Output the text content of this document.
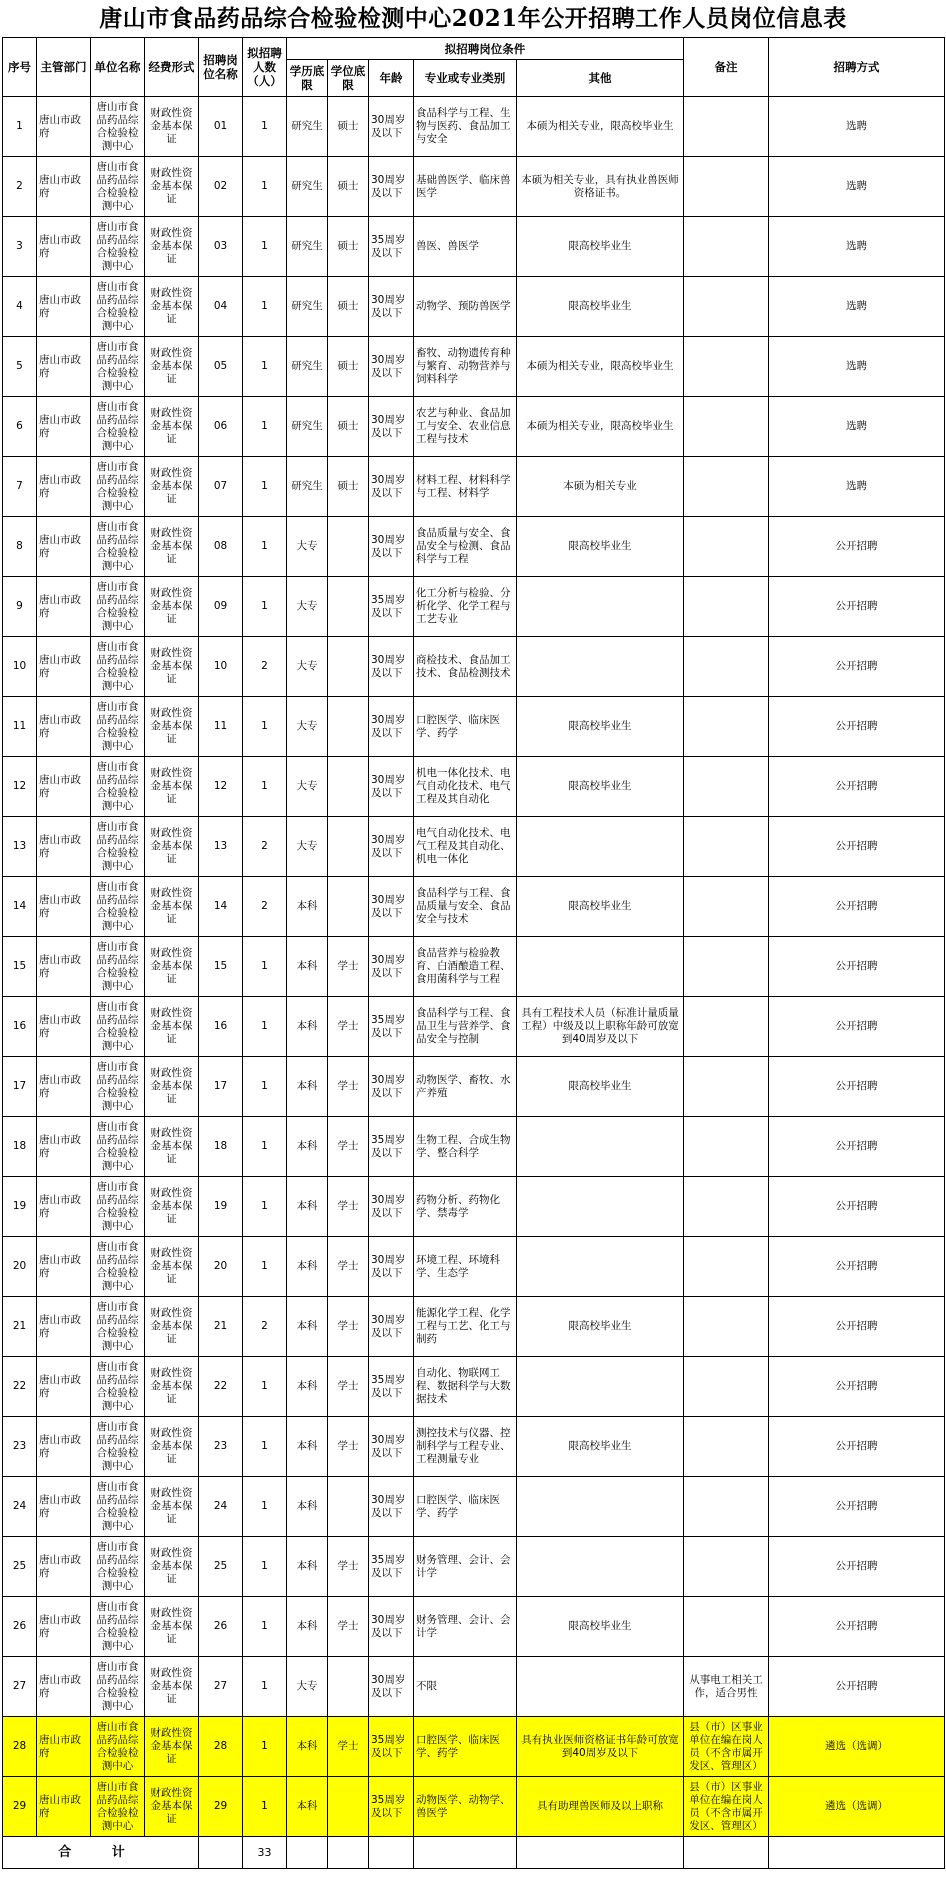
唐山市食品药品综合检验检测中心2021年公开招聘工作人员岗位信息表
序号	主管部门	单位名称	经费形式	招聘岗位名称	拟招聘人数（人）	拟招聘岗位条件					备注	招聘方式
						学历底限	学位底限	年龄	专业或专业类别	其他		
1	唐山市政府	唐山市食品药品综合检验检测中心	财政性资金基本保证	01	1	研究生	硕士	30周岁及以下	食品科学与工程、生物与医药、食品加工与安全	本硕为相关专业，限高校毕业生		选聘
2	唐山市政府	唐山市食品药品综合检验检测中心	财政性资金基本保证	02	1	研究生	硕士	30周岁及以下	基础兽医学、临床兽医学	本硕为相关专业，具有执业兽医师资格证书。		选聘
3	唐山市政府	唐山市食品药品综合检验检测中心	财政性资金基本保证	03	1	研究生	硕士	35周岁及以下	兽医、兽医学	限高校毕业生		选聘
4	唐山市政府	唐山市食品药品综合检验检测中心	财政性资金基本保证	04	1	研究生	硕士	30周岁及以下	动物学、预防兽医学	限高校毕业生		选聘
5	唐山市政府	唐山市食品药品综合检验检测中心	财政性资金基本保证	05	1	研究生	硕士	30周岁及以下	畜牧、动物遗传育种与繁育、动物营养与饲料科学	本硕为相关专业，限高校毕业生		选聘
6	唐山市政府	唐山市食品药品综合检验检测中心	财政性资金基本保证	06	1	研究生	硕士	30周岁及以下	农艺与种业、食品加工与安全、农业信息工程与技术	本硕为相关专业，限高校毕业生		选聘
7	唐山市政府	唐山市食品药品综合检验检测中心	财政性资金基本保证	07	1	研究生	硕士	30周岁及以下	材料工程、材料科学与工程、材料学	本硕为相关专业		选聘
8	唐山市政府	唐山市食品药品综合检验检测中心	财政性资金基本保证	08	1	大专		30周岁及以下	食品质量与安全、食品安全与检测、食品科学与工程	限高校毕业生		公开招聘
9	唐山市政府	唐山市食品药品综合检验检测中心	财政性资金基本保证	09	1	大专		35周岁及以下	化工分析与检验、分析化学、化学工程与工艺专业			公开招聘
10	唐山市政府	唐山市食品药品综合检验检测中心	财政性资金基本保证	10	2	大专		30周岁及以下	商检技术、食品加工技术、食品检测技术			公开招聘
11	唐山市政府	唐山市食品药品综合检验检测中心	财政性资金基本保证	11	1	大专		30周岁及以下	口腔医学、临床医学、药学	限高校毕业生		公开招聘
12	唐山市政府	唐山市食品药品综合检验检测中心	财政性资金基本保证	12	1	大专		30周岁及以下	机电一体化技术、电气自动化技术、电气工程及其自动化	限高校毕业生		公开招聘
13	唐山市政府	唐山市食品药品综合检验检测中心	财政性资金基本保证	13	2	大专		30周岁及以下	电气自动化技术、电气工程及其自动化、机电一体化			公开招聘
14	唐山市政府	唐山市食品药品综合检验检测中心	财政性资金基本保证	14	2	本科		30周岁及以下	食品科学与工程、食品质量与安全、食品安全与技术	限高校毕业生		公开招聘
15	唐山市政府	唐山市食品药品综合检验检测中心	财政性资金基本保证	15	1	本科	学士	30周岁及以下	食品营养与检验教育、白酒酿造工程、食用菌科学与工程			公开招聘
16	唐山市政府	唐山市食品药品综合检验检测中心	财政性资金基本保证	16	1	本科	学士	35周岁及以下	食品科学与工程、食品卫生与营养学、食品安全与控制	具有工程技术人员（标准计量质量工程）中级及以上职称年龄可放宽到40周岁及以下		公开招聘
17	唐山市政府	唐山市食品药品综合检验检测中心	财政性资金基本保证	17	1	本科	学士	30周岁及以下	动物医学、畜牧、水产养殖	限高校毕业生		公开招聘
18	唐山市政府	唐山市食品药品综合检验检测中心	财政性资金基本保证	18	1	本科	学士	35周岁及以下	生物工程、合成生物学、整合科学			公开招聘
19	唐山市政府	唐山市食品药品综合检验检测中心	财政性资金基本保证	19	1	本科	学士	30周岁及以下	药物分析、药物化学、禁毒学			公开招聘
20	唐山市政府	唐山市食品药品综合检验检测中心	财政性资金基本保证	20	1	本科	学士	30周岁及以下	环境工程、环境科学、生态学			公开招聘
21	唐山市政府	唐山市食品药品综合检验检测中心	财政性资金基本保证	21	2	本科	学士	30周岁及以下	能源化学工程、化学工程与工艺、化工与制药	限高校毕业生		公开招聘
22	唐山市政府	唐山市食品药品综合检验检测中心	财政性资金基本保证	22	1	本科	学士	35周岁及以下	自动化、物联网工程、数据科学与大数据技术			公开招聘
23	唐山市政府	唐山市食品药品综合检验检测中心	财政性资金基本保证	23	1	本科	学士	30周岁及以下	测控技术与仪器、控制科学与工程专业、工程测量专业	限高校毕业生		公开招聘
24	唐山市政府	唐山市食品药品综合检验检测中心	财政性资金基本保证	24	1	本科		30周岁及以下	口腔医学、临床医学、药学			公开招聘
25	唐山市政府	唐山市食品药品综合检验检测中心	财政性资金基本保证	25	1	本科	学士	35周岁及以下	财务管理、会计、会计学			公开招聘
26	唐山市政府	唐山市食品药品综合检验检测中心	财政性资金基本保证	26	1	本科	学士	30周岁及以下	财务管理、会计、会计学	限高校毕业生		公开招聘
27	唐山市政府	唐山市食品药品综合检验检测中心	财政性资金基本保证	27	1	大专		30周岁及以下	不限		从事电工相关工作，适合男性	公开招聘
28	唐山市政府	唐山市食品药品综合检验检测中心	财政性资金基本保证	28	1	本科	学士	35周岁及以下	口腔医学、临床医学、药学	具有执业医师资格证书年龄可放宽到40周岁及以下	县（市）区事业单位在编在岗人员（不含市属开发区、管理区）	遴选（选调）
29	唐山市政府	唐山市食品药品综合检验检测中心	财政性资金基本保证	29	1	本科		35周岁及以下	动物医学、动物学、兽医学	具有助理兽医师及以上职称	县（市）区事业单位在编在岗人员（不含市属开发区、管理区）	遴选（选调）
合 计					33							
